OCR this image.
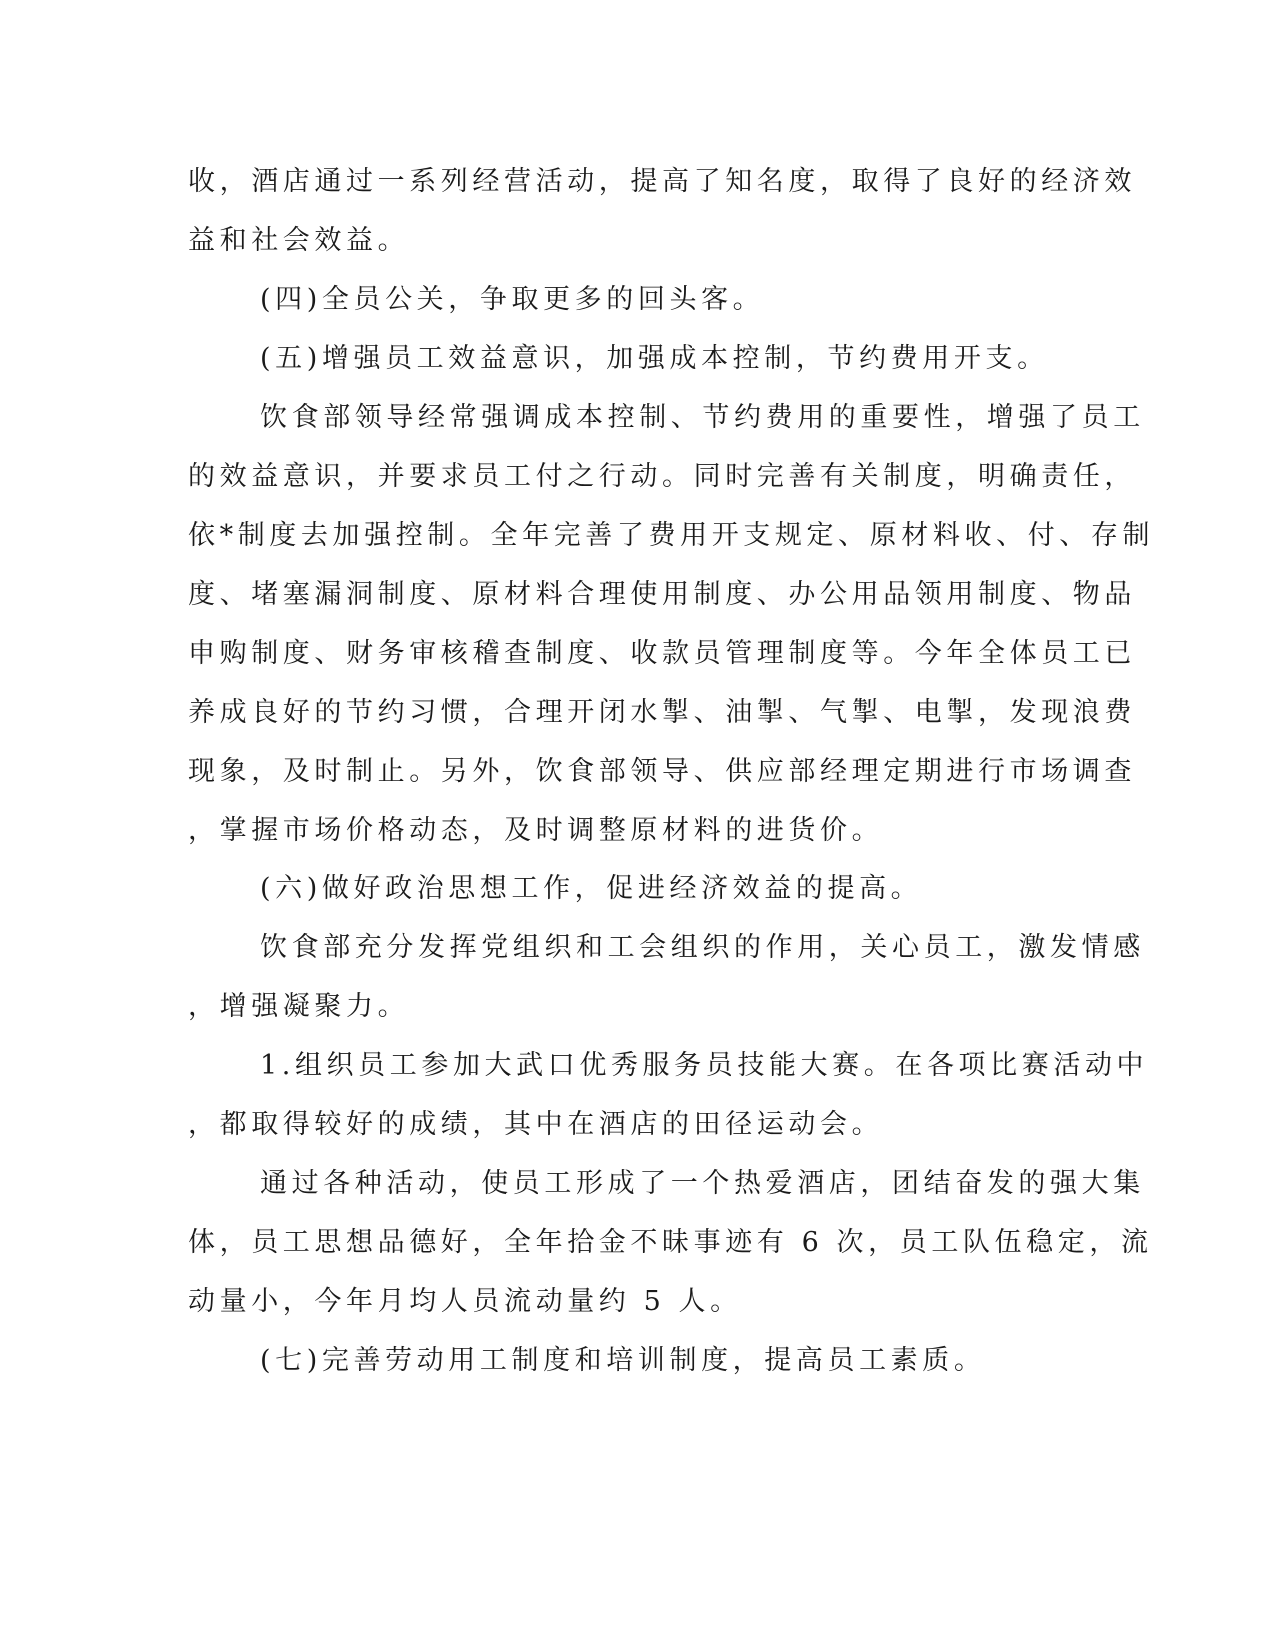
收，酒店通过一系列经营活动，提高了知名度，取得了良好的经济效
益和社会效益。
(四)全员公关，争取更多的回头客。
(五)增强员工效益意识，加强成本控制，节约费用开支。
饮食部领导经常强调成本控制、节约费用的重要性，增强了员工
的效益意识，并要求员工付之行动。同时完善有关制度，明确责任，
依*制度去加强控制。全年完善了费用开支规定、原材料收、付、存制
度、堵塞漏洞制度、原材料合理使用制度、办公用品领用制度、物品
申购制度、财务审核稽查制度、收款员管理制度等。今年全体员工已
养成良好的节约习惯，合理开闭水掣、油掣、气掣、电掣，发现浪费
现象，及时制止。另外，饮食部领导、供应部经理定期进行市场调查
，掌握市场价格动态，及时调整原材料的进货价。
(六)做好政治思想工作，促进经济效益的提高。
饮食部充分发挥党组织和工会组织的作用，关心员工，激发情感
，增强凝聚力。
1.组织员工参加大武口优秀服务员技能大赛。在各项比赛活动中
，都取得较好的成绩，其中在酒店的田径运动会。
通过各种活动，使员工形成了一个热爱酒店，团结奋发的强大集
体，员工思想品德好，全年拾金不昧事迹有 6 次，员工队伍稳定，流
动量小，今年月均人员流动量约 5 人。
(七)完善劳动用工制度和培训制度，提高员工素质。
